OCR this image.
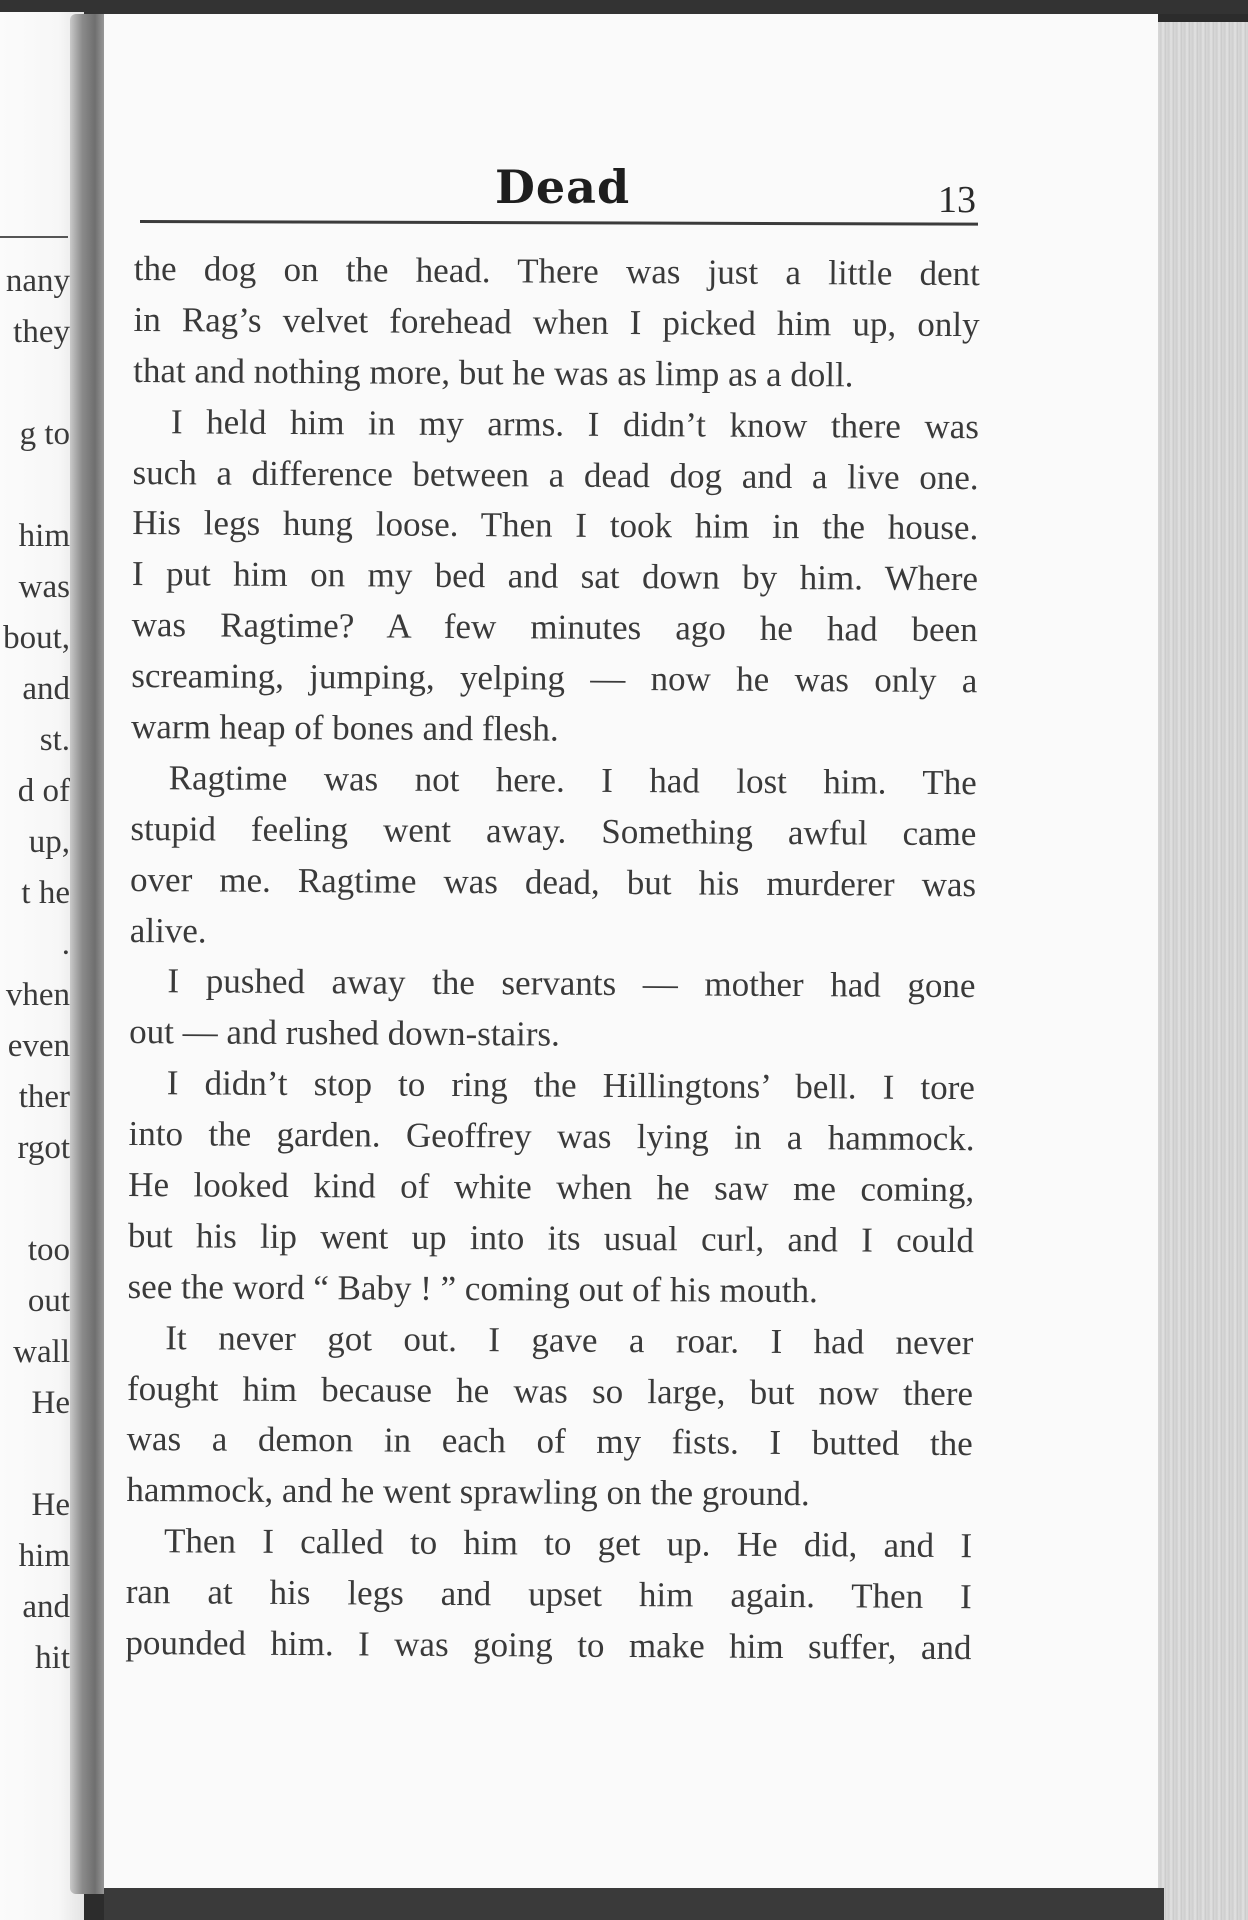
nany
they
g to
him
was
bout,
and
st.
d of
up,
t he
.
vhen
even
ther
rgot
too
out
wall
He
He
him
and
hit
Dead	13
the dog on the head. There was just a little dent
in Rag’s velvet forehead when I picked him up, only
that and nothing more, but he was as limp as a doll.
I held him in my arms. I didn’t know there was
such a difference between a dead dog and a live one.
His legs hung loose. Then I took him in the house.
I put him on my bed and sat down by him. Where
was Ragtime? A few minutes ago he had been
screaming, jumping, yelping — now he was only a
warm heap of bones and flesh.
Ragtime was not here. I had lost him. The
stupid feeling went away. Something awful came
over me. Ragtime was dead, but his murderer was
alive.
I pushed away the servants — mother had gone
out — and rushed down-stairs.
I didn’t stop to ring the Hillingtons’ bell. I tore
into the garden. Geoffrey was lying in a hammock.
He looked kind of white when he saw me coming,
but his lip went up into its usual curl, and I could
see the word “ Baby ! ” coming out of his mouth.
It never got out. I gave a roar. I had never
fought him because he was so large, but now there
was a demon in each of my fists. I butted the
hammock, and he went sprawling on the ground.
Then I called to him to get up. He did, and I
ran at his legs and upset him again. Then I
pounded him. I was going to make him suffer, and
